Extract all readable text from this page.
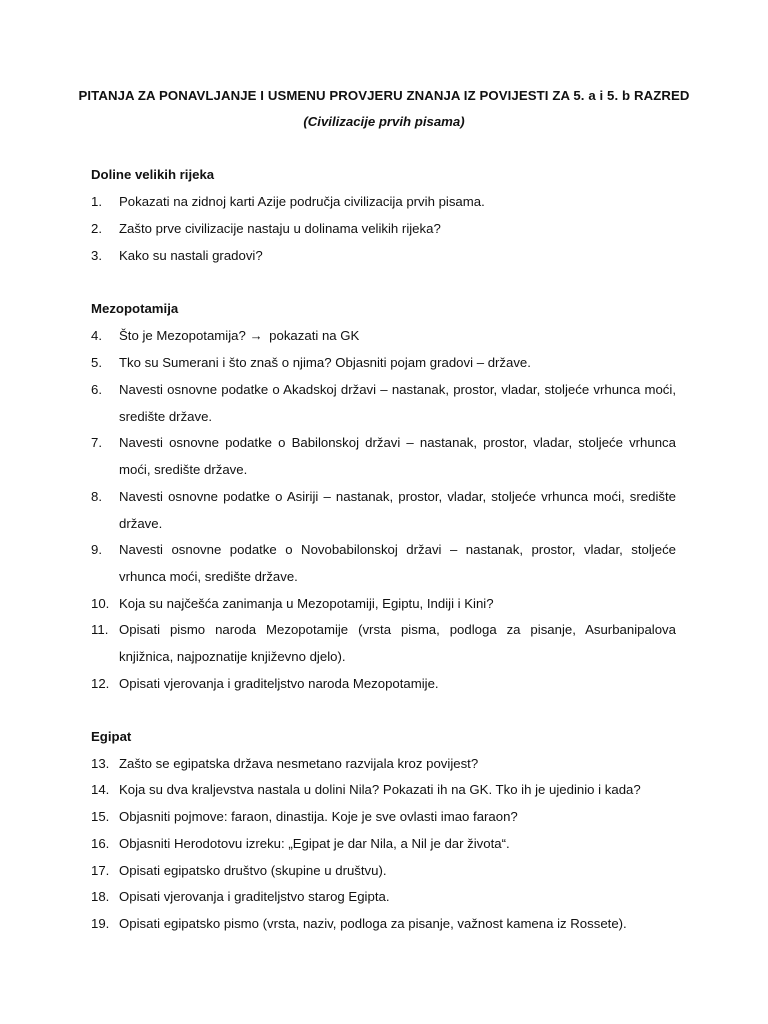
PITANJA ZA PONAVLJANJE I USMENU PROVJERU ZNANJA IZ POVIJESTI ZA 5. a i 5. b RAZRED
(Civilizacije prvih pisama)
Doline velikih rijeka
1.	Pokazati na zidnoj karti Azije područja civilizacija prvih pisama.
2.	Zašto prve civilizacije nastaju u dolinama velikih rijeka?
3.	Kako su nastali gradovi?
Mezopotamija
4.	Što je Mezopotamija? → pokazati na GK
5.	Tko su Sumerani i što znaš o njima? Objasniti pojam gradovi – države.
6.	Navesti osnovne podatke o Akadskoj državi – nastanak, prostor, vladar, stoljeće vrhunca moći, središte države.
7.	Navesti osnovne podatke o Babilonskoj državi – nastanak, prostor, vladar, stoljeće vrhunca moći, središte države.
8.	Navesti osnovne podatke o Asiriji – nastanak, prostor, vladar, stoljeće vrhunca moći, središte države.
9.	Navesti osnovne podatke o Novobabilonskoj državi – nastanak, prostor, vladar, stoljeće vrhunca moći, središte države.
10. Koja su najčešća zanimanja u Mezopotamiji, Egiptu, Indiji i Kini?
11. Opisati pismo naroda Mezopotamije (vrsta pisma, podloga za pisanje, Asurbanipalova knjižnica, najpoznatije književno djelo).
12. Opisati vjerovanja i graditeljstvo naroda Mezopotamije.
Egipat
13. Zašto se egipatska država nesmetano razvijala kroz povijest?
14. Koja su dva kraljevstva nastala u dolini Nila? Pokazati ih na GK. Tko ih je ujedinio i kada?
15. Objasniti pojmove: faraon, dinastija. Koje je sve ovlasti imao faraon?
16. Objasniti Herodotovu izreku: „Egipat je dar Nila, a Nil je dar života“.
17. Opisati egipatsko društvo (skupine u društvu).
18. Opisati vjerovanja i graditeljstvo starog Egipta.
19. Opisati egipatsko pismo (vrsta, naziv, podloga za pisanje, važnost kamena iz Rossete).
